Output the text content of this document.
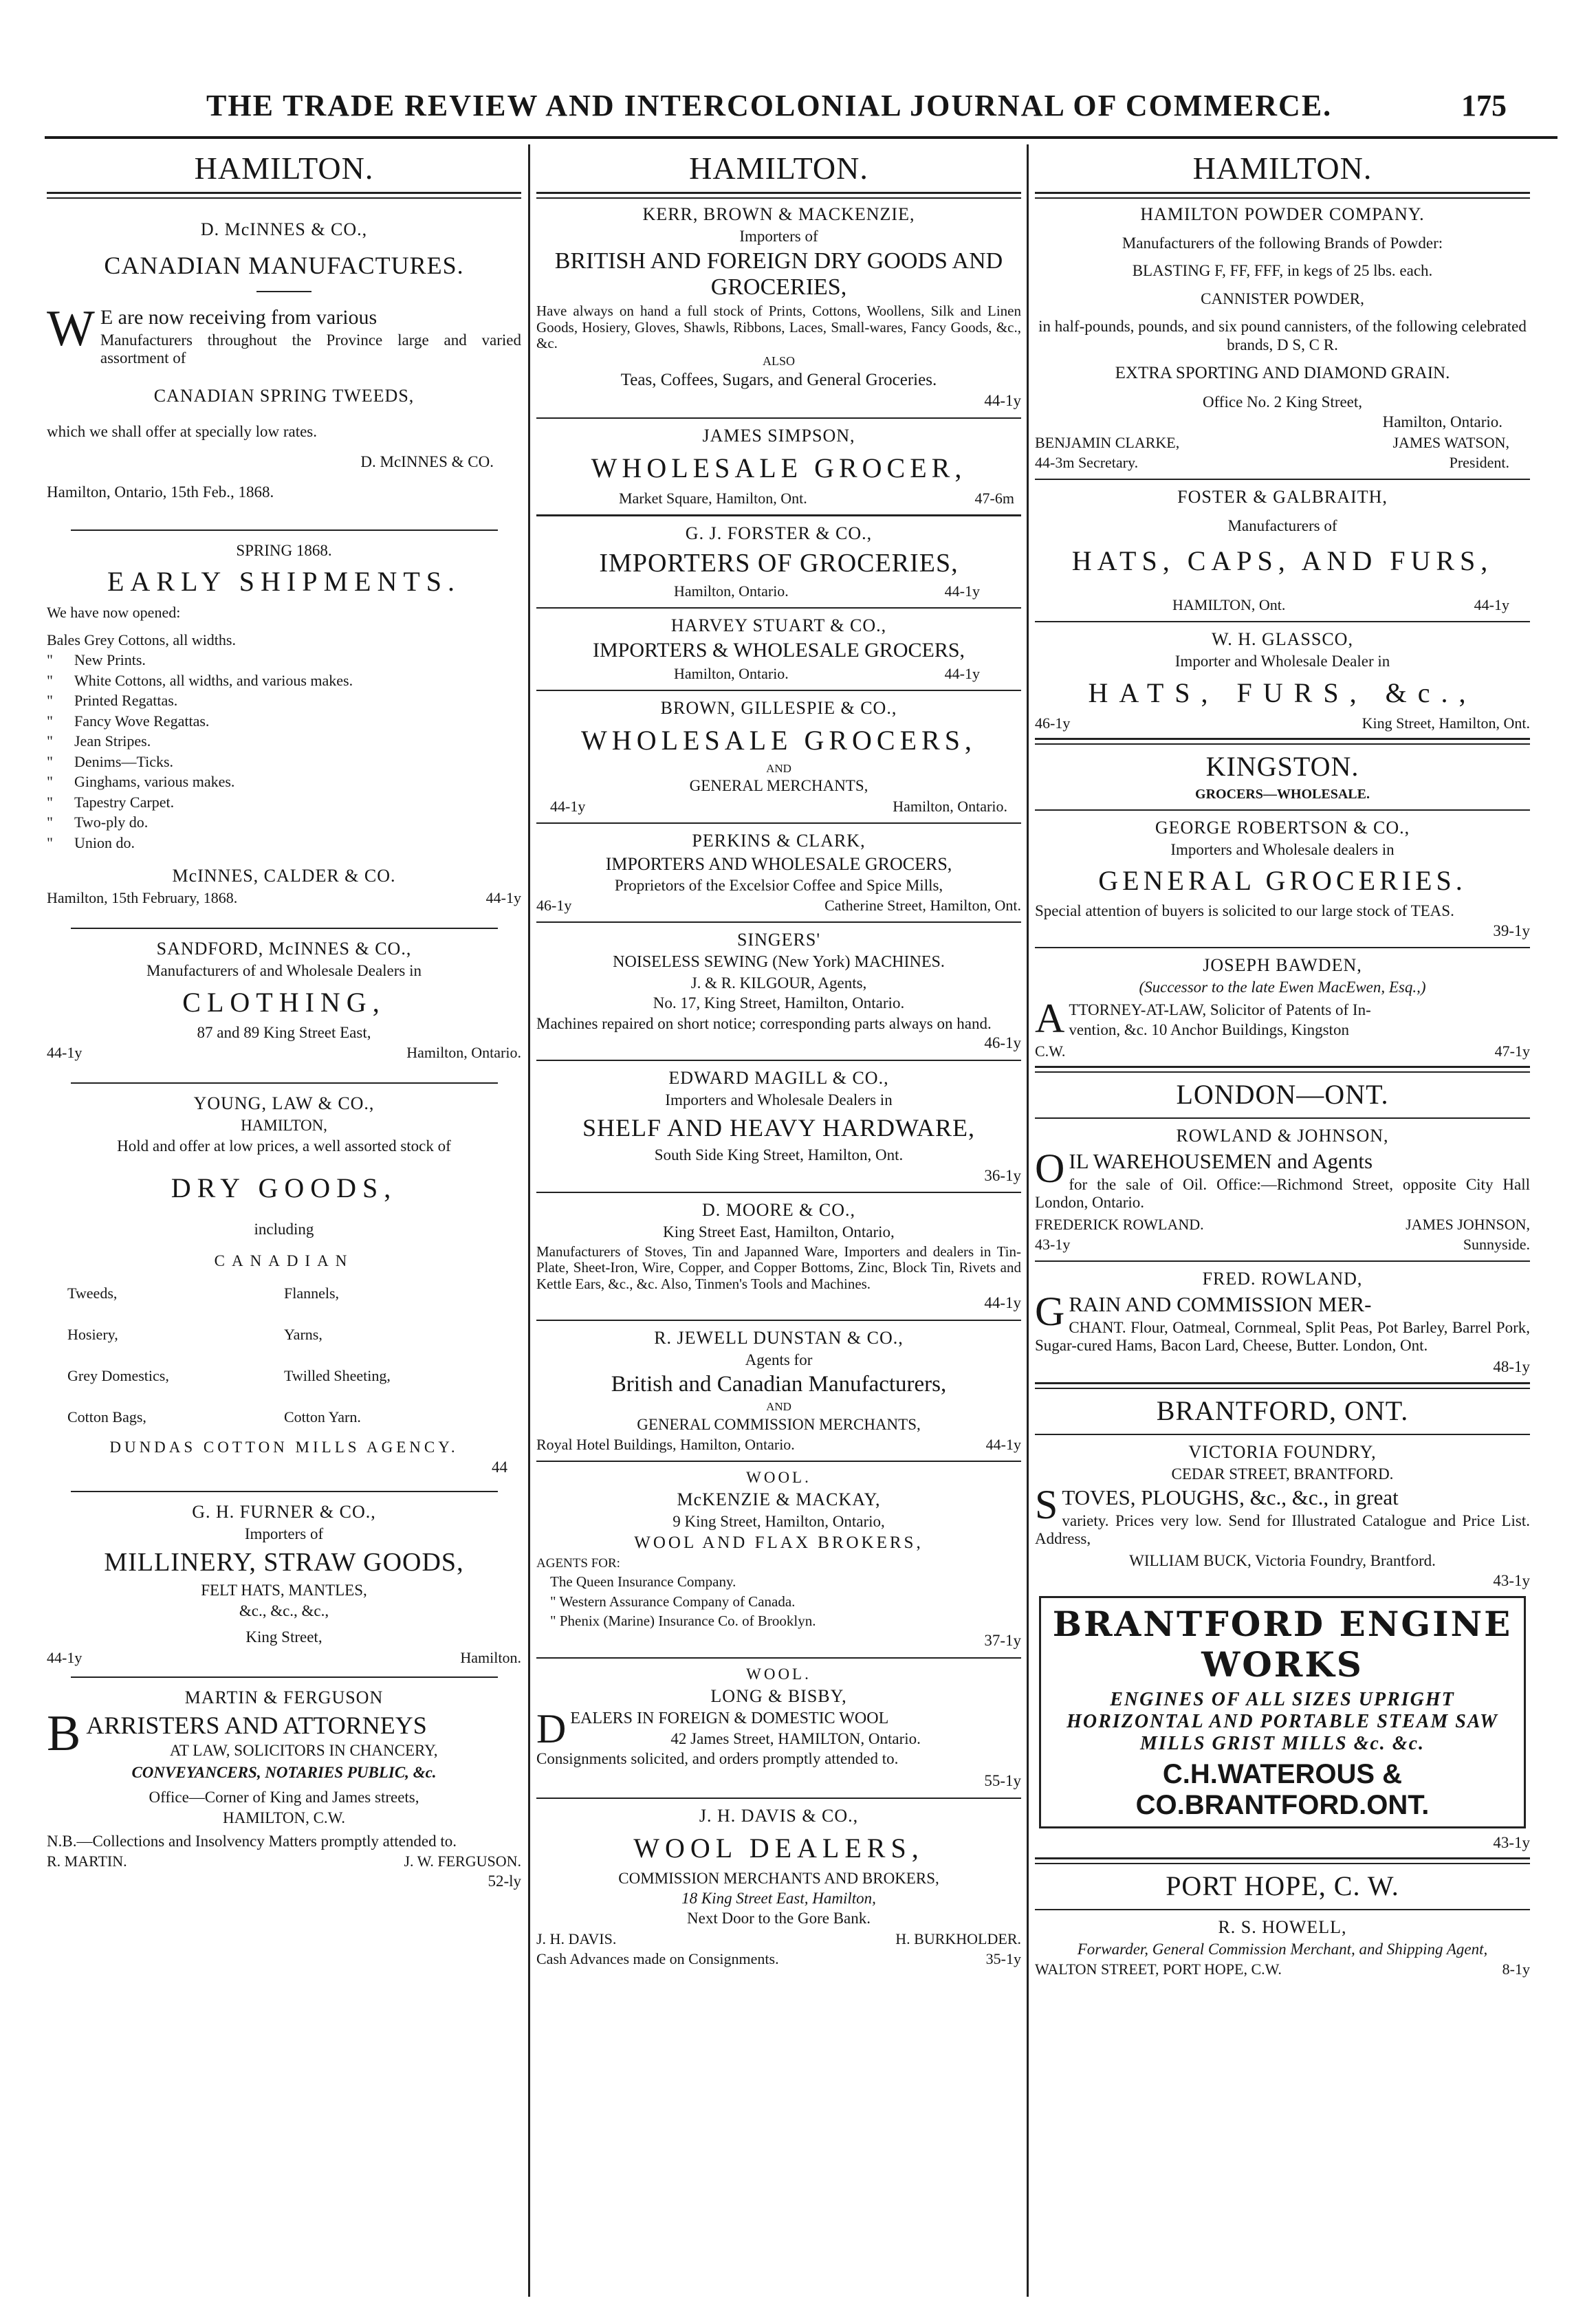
THE TRADE REVIEW AND INTERCOLONIAL JOURNAL OF COMMERCE.	175
HAMILTON.
D. McINNES & CO.,
CANADIAN MANUFACTURES.
W E are now receiving from various
Manufacturers throughout the Province large and varied assortment of
CANADIAN SPRING TWEEDS,
which we shall offer at specially low rates.
D. McINNES & CO.
Hamilton, Ontario, 15th Feb., 1868.
SPRING 1868.
EARLY SHIPMENTS.
We have now opened:
Bales Grey Cottons, all widths.
" New Prints.
" White Cottons, all widths, and various makes.
" Printed Regattas.
" Fancy Wove Regattas.
" Jean Stripes.
" Denims—Ticks.
" Ginghams, various makes.
" Tapestry Carpet.
" Two-ply do.
" Union do.
McINNES, CALDER & CO.
Hamilton, 15th February, 1868.	44-1y
SANDFORD, McINNES & CO.,
Manufacturers of and Wholesale Dealers in
CLOTHING,
87 and 89 King Street East,
44-1y	Hamilton, Ontario.
YOUNG, LAW & CO.,
HAMILTON,
Hold and offer at low prices, a well assorted stock of
DRY GOODS,
including
CANADIAN
Tweeds,	Flannels,
Hosiery,	Yarns,
Grey Domestics,	Twilled Sheeting,
Cotton Bags,	Cotton Yarn.
DUNDAS COTTON MILLS AGENCY.
44
G. H. FURNER & CO.,
Importers of
MILLINERY, STRAW GOODS,
FELT HATS, MANTLES,
&c., &c., &c.,
King Street,
44-1y	Hamilton.
MARTIN & FERGUSON
B ARRISTERS AND ATTORNEYS
AT LAW, SOLICITORS IN CHANCERY,
CONVEYANCERS, NOTARIES PUBLIC, &c.
Office—Corner of King and James streets,
HAMILTON, C.W.
N.B.—Collections and Insolvency Matters promptly attended to.
R. MARTIN.	J. W. FERGUSON.
52-ly
HAMILTON.
KERR, BROWN & MACKENZIE,
Importers of
BRITISH AND FOREIGN DRY GOODS AND GROCERIES,
Have always on hand a full stock of Prints, Cottons, Woollens, Silk and Linen Goods, Hosiery, Gloves, Shawls, Ribbons, Laces, Small-wares, Fancy Goods, &c., &c.
ALSO
Teas, Coffees, Sugars, and General Groceries.
44-1y
JAMES SIMPSON,
WHOLESALE GROCER,
Market Square, Hamilton, Ont.	47-6m
G. J. FORSTER & CO.,
IMPORTERS OF GROCERIES,
Hamilton, Ontario.	44-1y
HARVEY STUART & CO.,
IMPORTERS & WHOLESALE GROCERS,
Hamilton, Ontario.	44-1y
BROWN, GILLESPIE & CO.,
WHOLESALE GROCERS,
AND
GENERAL MERCHANTS,
44-1y	Hamilton, Ontario.
PERKINS & CLARK,
IMPORTERS AND WHOLESALE GROCERS,
Proprietors of the Excelsior Coffee and Spice Mills,
46-1y	Catherine Street, Hamilton, Ont.
SINGERS'
NOISELESS SEWING (New York) MACHINES.
J. & R. KILGOUR, Agents,
No. 17, King Street, Hamilton, Ontario.
Machines repaired on short notice; corresponding parts always on hand.
46-1y
EDWARD MAGILL & CO.,
Importers and Wholesale Dealers in
SHELF AND HEAVY HARDWARE,
South Side King Street, Hamilton, Ont.
36-1y
D. MOORE & CO.,
King Street East, Hamilton, Ontario,
Manufacturers of Stoves, Tin and Japanned Ware, Importers and dealers in Tin-Plate, Sheet-Iron, Wire, Copper, and Copper Bottoms, Zinc, Block Tin, Rivets and Kettle Ears, &c., &c. Also, Tinmen's Tools and Machines.
44-1y
R. JEWELL DUNSTAN & CO.,
Agents for
British and Canadian Manufacturers,
AND
GENERAL COMMISSION MERCHANTS,
Royal Hotel Buildings, Hamilton, Ontario.	44-1y
WOOL.
McKENZIE & MACKAY,
9 King Street, Hamilton, Ontario,
WOOL AND FLAX BROKERS,
AGENTS FOR:
The Queen Insurance Company.
" Western Assurance Company of Canada.
" Phenix (Marine) Insurance Co. of Brooklyn.
37-1y
WOOL.
LONG & BISBY,
D EALERS IN FOREIGN & DOMESTIC WOOL
42 James Street, HAMILTON, Ontario.
Consignments solicited, and orders promptly attended to.
55-1y
J. H. DAVIS & CO.,
WOOL DEALERS,
COMMISSION MERCHANTS AND BROKERS,
18 King Street East, Hamilton,
Next Door to the Gore Bank.
J. H. DAVIS.	H. BURKHOLDER.
Cash Advances made on Consignments.	35-1y
HAMILTON.
HAMILTON POWDER COMPANY.
Manufacturers of the following Brands of Powder:
BLASTING F, FF, FFF, in kegs of 25 lbs. each.
CANNISTER POWDER,
in half-pounds, pounds, and six pound cannisters, of the following celebrated brands, D S, C R.
EXTRA SPORTING AND DIAMOND GRAIN.
Office No. 2 King Street,
Hamilton, Ontario.
BENJAMIN CLARKE,	JAMES WATSON,
44-3m Secretary.	President.
FOSTER & GALBRAITH,
Manufacturers of
HATS, CAPS, AND FURS,
HAMILTON, Ont.	44-1y
W. H. GLASSCO,
Importer and Wholesale Dealer in
HATS, FURS, &c.,
46-1y	King Street, Hamilton, Ont.
KINGSTON.
GROCERS—WHOLESALE.
GEORGE ROBERTSON & CO.,
Importers and Wholesale dealers in
GENERAL GROCERIES.
Special attention of buyers is solicited to our large stock of TEAS.
39-1y
JOSEPH BAWDEN,
(Successor to the late Ewen MacEwen, Esq.,)
A TTORNEY-AT-LAW, Solicitor of Patents of In-
vention, &c. 10 Anchor Buildings, Kingston
C.W.	47-1y
LONDON—ONT.
ROWLAND & JOHNSON,
O IL WAREHOUSEMEN and Agents
for the sale of Oil. Office:—Richmond Street, opposite City Hall London, Ontario.
FREDERICK ROWLAND.	JAMES JOHNSON,
43-1y	Sunnyside.
FRED. ROWLAND,
G RAIN AND COMMISSION MER-
CHANT. Flour, Oatmeal, Cornmeal, Split Peas, Pot Barley, Barrel Pork, Sugar-cured Hams, Bacon Lard, Cheese, Butter. London, Ont.
48-1y
BRANTFORD, ONT.
VICTORIA FOUNDRY,
CEDAR STREET, BRANTFORD.
S TOVES, PLOUGHS, &c., &c., in great
variety. Prices very low. Send for Illustrated Catalogue and Price List. Address,
WILLIAM BUCK, Victoria Foundry, Brantford.
43-1y
BRANTFORD ENGINE WORKS
ENGINES OF ALL SIZES UPRIGHT HORIZONTAL AND PORTABLE STEAM SAW MILLS GRIST MILLS &c. &c.
C.H.WATEROUS & CO.BRANTFORD.ONT.
43-1y
PORT HOPE, C. W.
R. S. HOWELL,
Forwarder, General Commission Merchant, and Shipping Agent,
WALTON STREET, PORT HOPE, C.W.	8-1y
